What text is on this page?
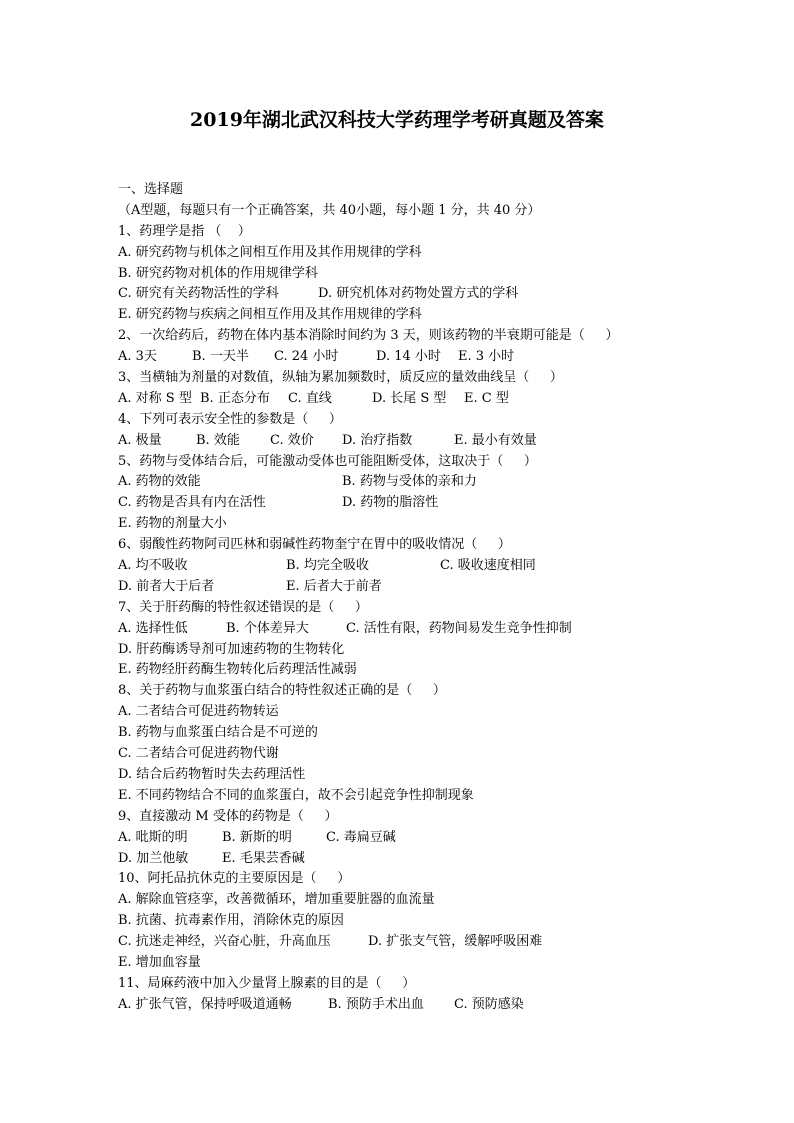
2019年湖北武汉科技大学药理学考研真题及答案
一、选择题
（A型题，每题只有一个正确答案，共 40小题，每小题 1 分，共 40 分）
1、药理学是指 （    ）
A. 研究药物与机体之间相互作用及其作用规律的学科
B. 研究药物对机体的作用规律学科
C. 研究有关药物活性的学科	D. 研究机体对药物处置方式的学科
E. 研究药物与疾病之间相互作用及其作用规律的学科
2、一次给药后，药物在体内基本消除时间约为 3 天，则该药物的半衰期可能是（     ）
A. 3天	B. 一天半	C. 24 小时	D. 14 小时	E. 3 小时
3、当横轴为剂量的对数值，纵轴为累加频数时，质反应的量效曲线呈（     ）
A. 对称 S 型 B. 正态分布	C. 直线	D. 长尾 S 型	E. C 型
4、下列可表示安全性的参数是（     ）
A. 极量	B. 效能	C. 效价	D. 治疗指数	E. 最小有效量
5、药物与受体结合后，可能激动受体也可能阻断受体，这取决于（     ）
A. 药物的效能	B. 药物与受体的亲和力
C. 药物是否具有内在活性	D. 药物的脂溶性
E. 药物的剂量大小
6、弱酸性药物阿司匹林和弱碱性药物奎宁在胃中的吸收情况（     ）
A. 均不吸收	B. 均完全吸收	C. 吸收速度相同
D. 前者大于后者	E. 后者大于前者
7、关于肝药酶的特性叙述错误的是（     ）
A. 选择性低	B. 个体差异大	C. 活性有限，药物间易发生竞争性抑制
D. 肝药酶诱导剂可加速药物的生物转化
E. 药物经肝药酶生物转化后药理活性减弱
8、关于药物与血浆蛋白结合的特性叙述正确的是（     ）
A. 二者结合可促进药物转运
B. 药物与血浆蛋白结合是不可逆的
C. 二者结合可促进药物代谢
D. 结合后药物暂时失去药理活性
E. 不同药物结合不同的血浆蛋白，故不会引起竞争性抑制现象
9、直接激动 M 受体的药物是（     ）
A. 吡斯的明	B. 新斯的明	C. 毒扁豆碱
D. 加兰他敏	E. 毛果芸香碱
10、阿托品抗休克的主要原因是（     ）
A. 解除血管痉挛，改善微循环，增加重要脏器的血流量
B. 抗菌、抗毒素作用，消除休克的原因
C. 抗迷走神经，兴奋心脏，升高血压	D. 扩张支气管，缓解呼吸困难
E. 增加血容量
11、局麻药液中加入少量肾上腺素的目的是（     ）
A. 扩张气管，保持呼吸道通畅	B. 预防手术出血	C. 预防感染
